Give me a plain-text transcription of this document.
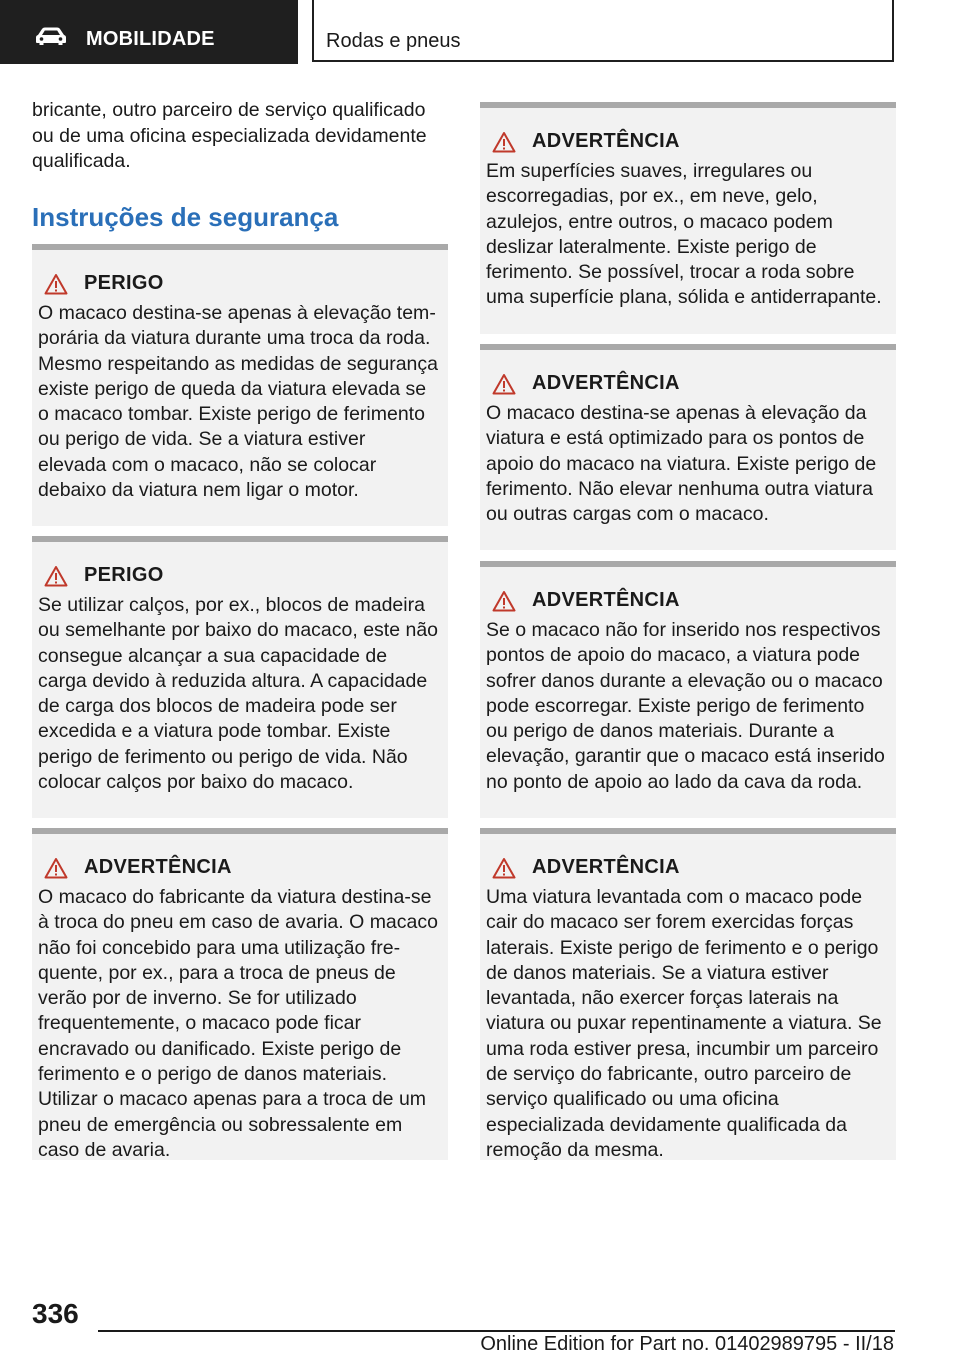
MOBILIDADE	Rodas e pneus

bricante, outro parceiro de serviço qualificado ou de uma oficina especializada devidamente qualificada.

Instruções de segurança
PERIGO

O macaco destina-se apenas à elevação temporária da viatura durante uma troca da roda. Mesmo respeitando as medidas de segurança existe perigo de queda da viatura elevada se o macaco tombar. Existe perigo de ferimento ou perigo de vida. Se a viatura estiver elevada com o macaco, não se colocar debaixo da viatura nem ligar o motor.

PERIGO

Se utilizar calços, por ex., blocos de madeira ou semelhante por baixo do macaco, este não consegue alcançar a sua capacidade de carga devido à reduzida altura. A capacidade de carga dos blocos de madeira pode ser excedida e a viatura pode tombar. Existe perigo de ferimento ou perigo de vida. Não colocar calços por baixo do macaco.

ADVERTÊNCIA

O macaco do fabricante da viatura destina-se à troca do pneu em caso de avaria. O macaco não foi concebido para uma utilização frequente, por ex., para a troca de pneus de verão por de inverno. Se for utilizado frequentemente, o macaco pode ficar encravado ou danificado. Existe perigo de ferimento e o perigo de danos materiais. Utilizar o macaco apenas para a troca de um pneu de emergência ou sobressalente em caso de avaria.

ADVERTÊNCIA

Em superfícies suaves, irregulares ou escorregadias, por ex., em neve, gelo, azulejos, entre outros, o macaco podem deslizar lateralmente. Existe perigo de ferimento. Se possível, trocar a roda sobre uma superfície plana, sólida e antiderrapante.

ADVERTÊNCIA

O macaco destina-se apenas à elevação da viatura e está optimizado para os pontos de apoio do macaco na viatura. Existe perigo de ferimento. Não elevar nenhuma outra viatura ou outras cargas com o macaco.

ADVERTÊNCIA

Se o macaco não for inserido nos respectivos pontos de apoio do macaco, a viatura pode sofrer danos durante a elevação ou o macaco pode escorregar. Existe perigo de ferimento ou perigo de danos materiais. Durante a elevação, garantir que o macaco está inserido no ponto de apoio ao lado da cava da roda.

ADVERTÊNCIA

Uma viatura levantada com o macaco pode cair do macaco ser forem exercidas forças laterais. Existe perigo de ferimento e o perigo de danos materiais. Se a viatura estiver levantada, não exercer forças laterais na viatura ou puxar repentinamente a viatura. Se uma roda estiver presa, incumbir um parceiro de serviço do fabricante, outro parceiro de serviço qualificado ou uma oficina especializada devidamente qualificada da remoção da mesma.

336
Online Edition for Part no. 01402989795 - II/18
